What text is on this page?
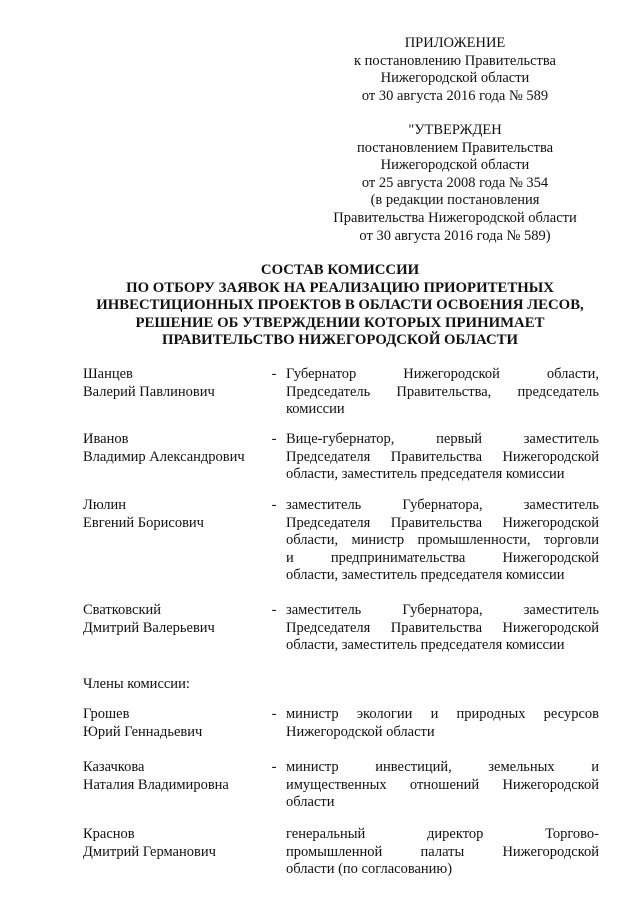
ПРИЛОЖЕНИЕ
к постановлению Правительства
Нижегородской области
от 30 августа 2016 года № 589
"УТВЕРЖДЕН
постановлением Правительства
Нижегородской области
от 25 августа 2008 года № 354
(в редакции постановления
Правительства Нижегородской области
от 30 августа 2016 года № 589)
СОСТАВ КОМИССИИ
ПО ОТБОРУ ЗАЯВОК НА РЕАЛИЗАЦИЮ ПРИОРИТЕТНЫХ
ИНВЕСТИЦИОННЫХ ПРОЕКТОВ В ОБЛАСТИ ОСВОЕНИЯ ЛЕСОВ,
РЕШЕНИЕ ОБ УТВЕРЖДЕНИИ КОТОРЫХ ПРИНИМАЕТ
ПРАВИТЕЛЬСТВО НИЖЕГОРОДСКОЙ ОБЛАСТИ
Шанцев
Валерий Павлинович
- Губернатор Нижегородской области,
Председатель Правительства, председатель
комиссии
Иванов
Владимир Александрович
- Вице-губернатор, первый заместитель
Председателя Правительства Нижегородской
области, заместитель председателя комиссии
Люлин
Евгений Борисович
- заместитель Губернатора, заместитель
Председателя Правительства Нижегородской
области, министр промышленности, торговли
и предпринимательства Нижегородской
области, заместитель председателя комиссии
Сватковский
Дмитрий Валерьевич
- заместитель Губернатора, заместитель
Председателя Правительства Нижегородской
области, заместитель председателя комиссии
Члены комиссии:
Грошев
Юрий Геннадьевич
- министр экологии и природных ресурсов
Нижегородской области
Казачкова
Наталия Владимировна
- министр инвестиций, земельных и
имущественных отношений Нижегородской
области
Краснов
Дмитрий Германович
генеральный директор Торгово-
промышленной палаты Нижегородской
области (по согласованию)
